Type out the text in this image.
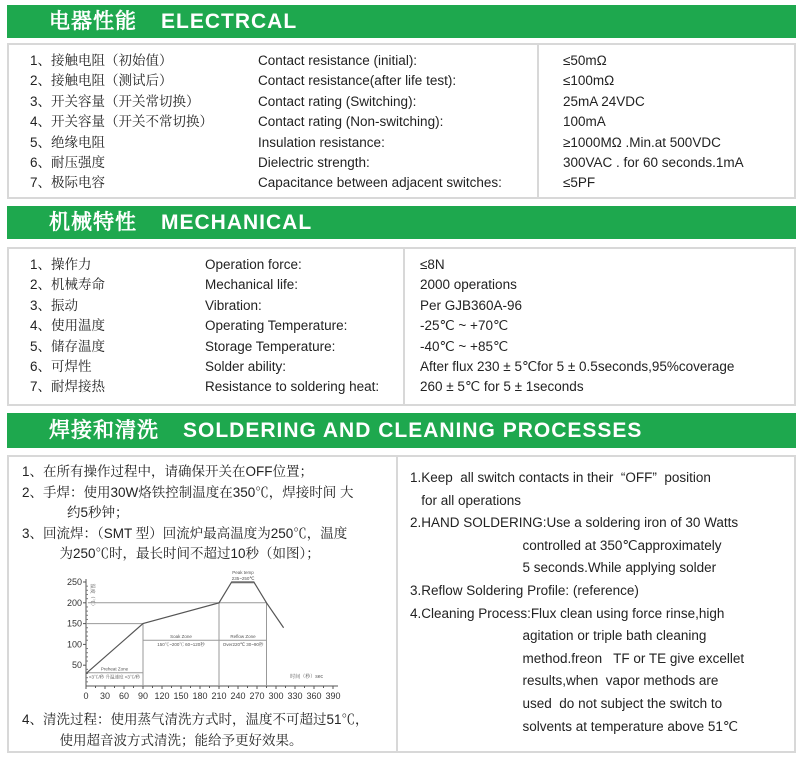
电器性能 ELECTRCAL
1、接触电阻（初始值）	Contact resistance (initial):	≤50mΩ
2、接触电阻（测试后）	Contact resistance(after life test):	≤100mΩ
3、开关容量（开关常切换）	Contact rating (Switching):	25mA 24VDC
4、开关容量（开关不常切换）	Contact rating (Non-switching):	100mA
5、绝缘电阻	Insulation resistance:	≥1000MΩ .Min.at 500VDC
6、耐压强度	Dielectric strength:	300VAC . for 60 seconds.1mA
7、极际电容	Capacitance between adjacent switches:	≤5PF
机械特性 MECHANICAL
1、操作力	Operation force:	≤8N
2、机械寿命	Mechanical life:	2000 operations
3、振动	Vibration:	Per GJB360A-96
4、使用温度	Operating Temperature:	-25℃ ~ +70℃
5、储存温度	Storage Temperature:	-40℃ ~ +85℃
6、可焊性	Solder ability:	After flux 230 ± 5℃for 5 ± 0.5seconds,95%coverage
7、耐焊接热	Resistance to soldering heat:	260 ± 5℃ for 5 ± 1seconds
焊接和清洗 SOLDERING AND CLEANING PROCESSES
1、在所有操作过程中，请确保开关在OFF位置；
2、手焊：使用30W烙铁控制温度在350℃，焊接时间 大
约5秒钟；
3、回流焊：（SMT 型）回流炉最高温度为250℃，温度
为250℃时，最长时间不超过10秒（如图）；
4、清洗过程：使用蒸气清洗方式时，温度不可超过51℃，
使用超音波方式清洗；能给予更好效果。
1.Keep  all switch contacts in their  “OFF”  position
for all operations
2.HAND SOLDERING:Use a soldering iron of 30 Watts
controlled at 350℃approximately
5 seconds.While applying solder
3.Reflow Soldering Profile: (reference)
4.Cleaning Process:Flux clean using force rinse,high
agitation or triple bath cleaning
method.freon   TF or TE give excellet
results,when  vapor methods are
used  do not subject the switch to
solvents at temperature above 51℃
0 30 60 90 120 150 180 210 240 270 300 330 360 390
50
100
150
200
250
温度（℃）
时间（秒）sec
Peak temp
235~250℃
Soak Zone
150℃~200℃ 60~120秒
Reflow Zone
Over220℃ 30~90秒
Preheat Zone
<3℃/秒 升温速度 <3℃/秒
